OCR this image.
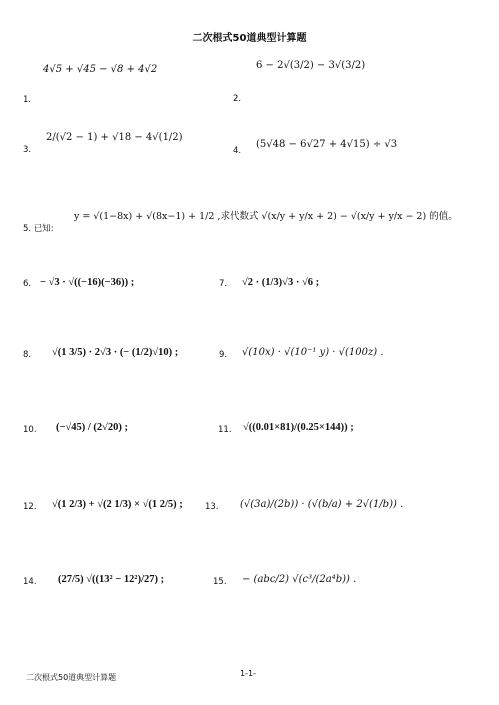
二次根式50道典型计算题
1.
4√5 + √45 − √8 + 4√2
2.
6 − 2√(3/2) − 3√(3/2)
3.
2/(√2 − 1) + √18 − 4√(1/2)
4.
(5√48 − 6√27 + 4√15) ÷ √3
5. 已知:
y = √(1−8x) + √(8x−1) + 1/2 ,求代数式 √(x/y + y/x + 2) − √(x/y + y/x − 2) 的值。
6. − √3 · √((−16)(−36)) ;	7. √2 · (1/3)√3 · √6 ;
8. √(1 3/5) · 2√3 · (− (1/2)√10) ;	9. √(10x) · √(10⁻¹ y) · √(100z) .
10. (−√45) / (2√20) ;	11. √((0.01×81)/(0.25×144)) ;
12. √(1 2/3) + √(2 1/3) × √(1 2/5) ;	13. (√(3a)/(2b)) · (√(b/a) + 2√(1/b)) .
14. (27/5) √((13² − 12²)/27) ;	15. − (abc/2) √(c³/(2a⁴b)) .
二次根式50道典型计算题	1-1-
